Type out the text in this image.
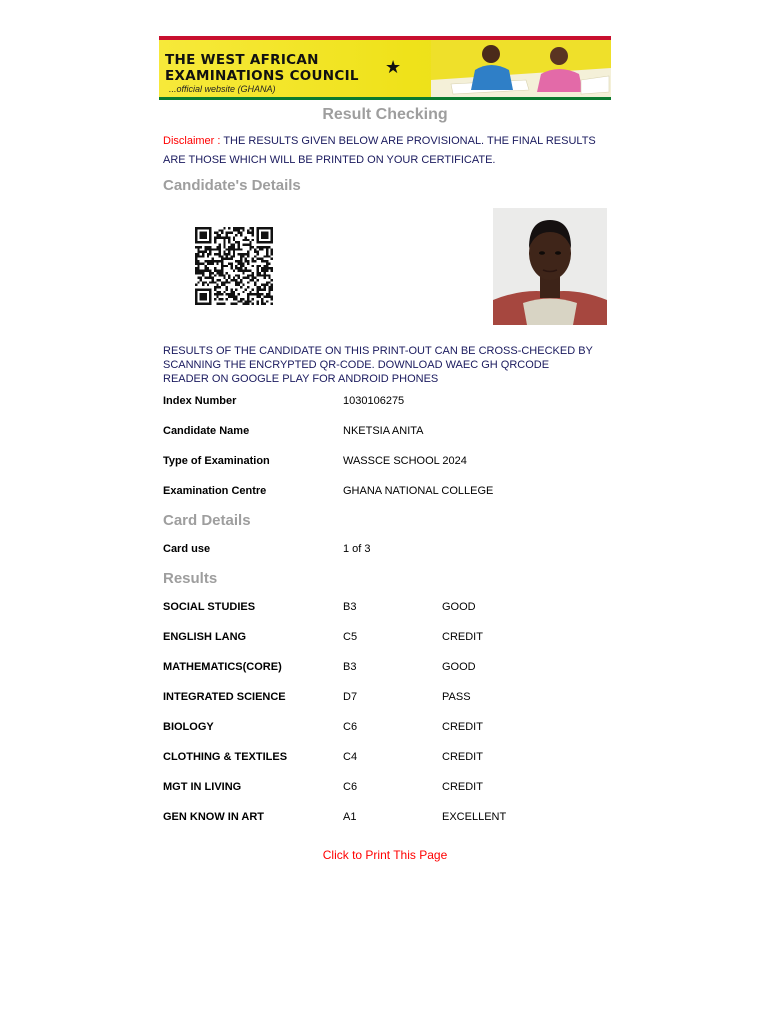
THE WEST AFRICAN
EXAMINATIONS COUNCIL
...official website (GHANA)
★
Result Checking
Disclaimer : THE RESULTS GIVEN BELOW ARE PROVISIONAL. THE FINAL RESULTS ARE THOSE WHICH WILL BE PRINTED ON YOUR CERTIFICATE.
Candidate's Details
RESULTS OF THE CANDIDATE ON THIS PRINT-OUT CAN BE CROSS-CHECKED BY SCANNING THE ENCRYPTED QR-CODE. DOWNLOAD WAEC GH QRCODE READER ON GOOGLE PLAY FOR ANDROID PHONES
Index Number	1030106275
Candidate Name	NKETSIA ANITA
Type of Examination	WASSCE SCHOOL 2024
Examination Centre	GHANA NATIONAL COLLEGE
Card Details
Card use	1 of 3
Results
SOCIAL STUDIES	B3	GOOD
ENGLISH LANG	C5	CREDIT
MATHEMATICS(CORE)	B3	GOOD
INTEGRATED SCIENCE	D7	PASS
BIOLOGY	C6	CREDIT
CLOTHING & TEXTILES	C4	CREDIT
MGT IN LIVING	C6	CREDIT
GEN KNOW IN ART	A1	EXCELLENT
Click to Print This Page
